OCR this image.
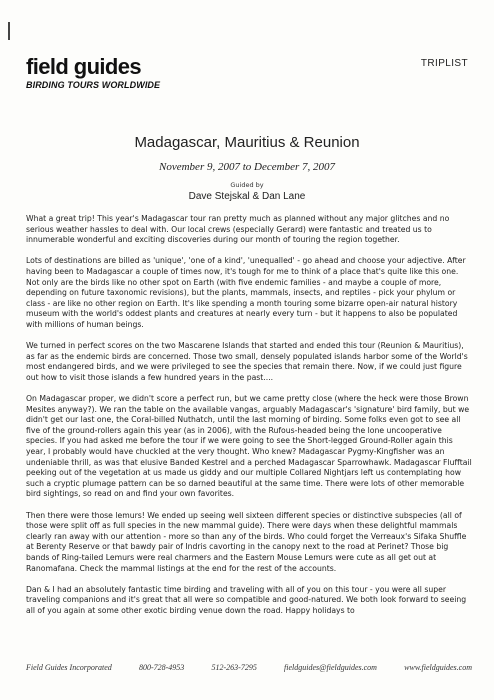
field guides
BIRDING TOURS WORLDWIDE
TRIPLIST
Madagascar, Mauritius & Reunion
November 9, 2007 to December 7, 2007
Guided by
Dave Stejskal & Dan Lane

What a great trip! This year's Madagascar tour ran pretty much as planned without any major glitches and no serious weather hassles to deal with. Our local crews (especially Gerard) were fantastic and treated us to innumerable wonderful and exciting discoveries during our month of touring the region together.

Lots of destinations are billed as 'unique', 'one of a kind', 'unequalled' - go ahead and choose your adjective. After having been to Madagascar a couple of times now, it's tough for me to think of a place that's quite like this one. Not only are the birds like no other spot on Earth (with five endemic families - and maybe a couple of more, depending on future taxonomic revisions), but the plants, mammals, insects, and reptiles - pick your phylum or class - are like no other region on Earth. It's like spending a month touring some bizarre open-air natural history museum with the world's oddest plants and creatures at nearly every turn - but it happens to also be populated with millions of human beings.

We turned in perfect scores on the two Mascarene Islands that started and ended this tour (Reunion & Mauritius), as far as the endemic birds are concerned. Those two small, densely populated islands harbor some of the World's most endangered birds, and we were privileged to see the species that remain there. Now, if we could just figure out how to visit those islands a few hundred years in the past....

On Madagascar proper, we didn't score a perfect run, but we came pretty close (where the heck were those Brown Mesites anyway?). We ran the table on the available vangas, arguably Madagascar's 'signature' bird family, but we didn't get our last one, the Coral-billed Nuthatch, until the last morning of birding. Some folks even got to see all five of the ground-rollers again this year (as in 2006), with the Rufous-headed being the lone uncooperative species. If you had asked me before the tour if we were going to see the Short-legged Ground-Roller again this year, I probably would have chuckled at the very thought. Who knew? Madagascar Pygmy-Kingfisher was an undeniable thrill, as was that elusive Banded Kestrel and a perched Madagascar Sparrowhawk. Madagascar Flufftail peeking out of the vegetation at us made us giddy and our multiple Collared Nightjars left us contemplating how such a cryptic plumage pattern can be so darned beautiful at the same time. There were lots of other memorable bird sightings, so read on and find your own favorites.

Then there were those lemurs! We ended up seeing well sixteen different species or distinctive subspecies (all of those were split off as full species in the new mammal guide). There were days when these delightful mammals clearly ran away with our attention - more so than any of the birds. Who could forget the Verreaux's Sifaka Shuffle at Berenty Reserve or that bawdy pair of Indris cavorting in the canopy next to the road at Perinet? Those big bands of Ring-tailed Lemurs were real charmers and the Eastern Mouse Lemurs were cute as all get out at Ranomafana. Check the mammal listings at the end for the rest of the accounts.

Dan & I had an absolutely fantastic time birding and traveling with all of you on this tour - you were all super traveling companions and it's great that all were so compatible and good-natured. We both look forward to seeing all of you again at some other exotic birding venue down the road. Happy holidays to

Field Guides Incorporated	800-728-4953	512-263-7295	fieldguides@fieldguides.com	www.fieldguides.com
